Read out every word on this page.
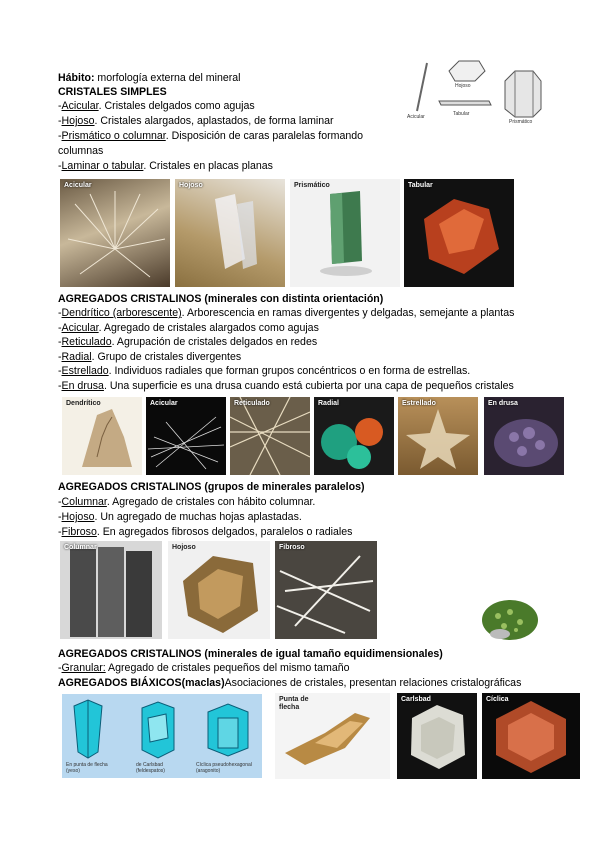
Hábito: morfología externa del mineral
CRISTALES SIMPLES
-Acicular. Cristales delgados como agujas
-Hojoso. Cristales alargados, aplastados, de forma laminar
-Prismático o columnar. Disposición de caras paralelas formando
columnas
-Laminar o tabular. Cristales en placas planas
Acicular
Hojoso
Tabular
Prismático
Acicular	Hojoso	Prismático	Tabular
AGREGADOS CRISTALINOS (minerales con distinta orientación)
-Dendrítico (arborescente). Arborescencia en ramas divergentes y delgadas, semejante a plantas
-Acicular. Agregado de cristales alargados como agujas
-Reticulado. Agrupación de cristales delgados en redes
-Radial. Grupo de cristales divergentes
-Estrellado. Individuos radiales que forman grupos concéntricos o en forma de estrellas.
-En drusa. Una superficie es una drusa cuando está cubierta por una capa de pequeños cristales
Dendrítico	Acicular	Reticulado	Radial	Estrellado	En drusa
AGREGADOS CRISTALINOS (grupos de minerales paralelos)
-Columnar. Agregado de cristales con hábito columnar.
-Hojoso. Un agregado de muchas hojas aplastadas.
-Fibroso. En agregados fibrosos delgados, paralelos o radiales
Columnar	Hojoso	Fibroso
AGREGADOS CRISTALINOS (minerales de igual tamaño equidimensionales)
-Granular: Agregado de cristales pequeños del mismo tamaño
AGREGADOS BIÁXICOS(maclas)Asociaciones de cristales, presentan relaciones cristalográficas
En punta de flecha (yeso)
de Carlsbad (feldespatos)
Cíclica pseudohexagonal (aragonito)
Punta de flecha
Carlsbad	Cíclica
